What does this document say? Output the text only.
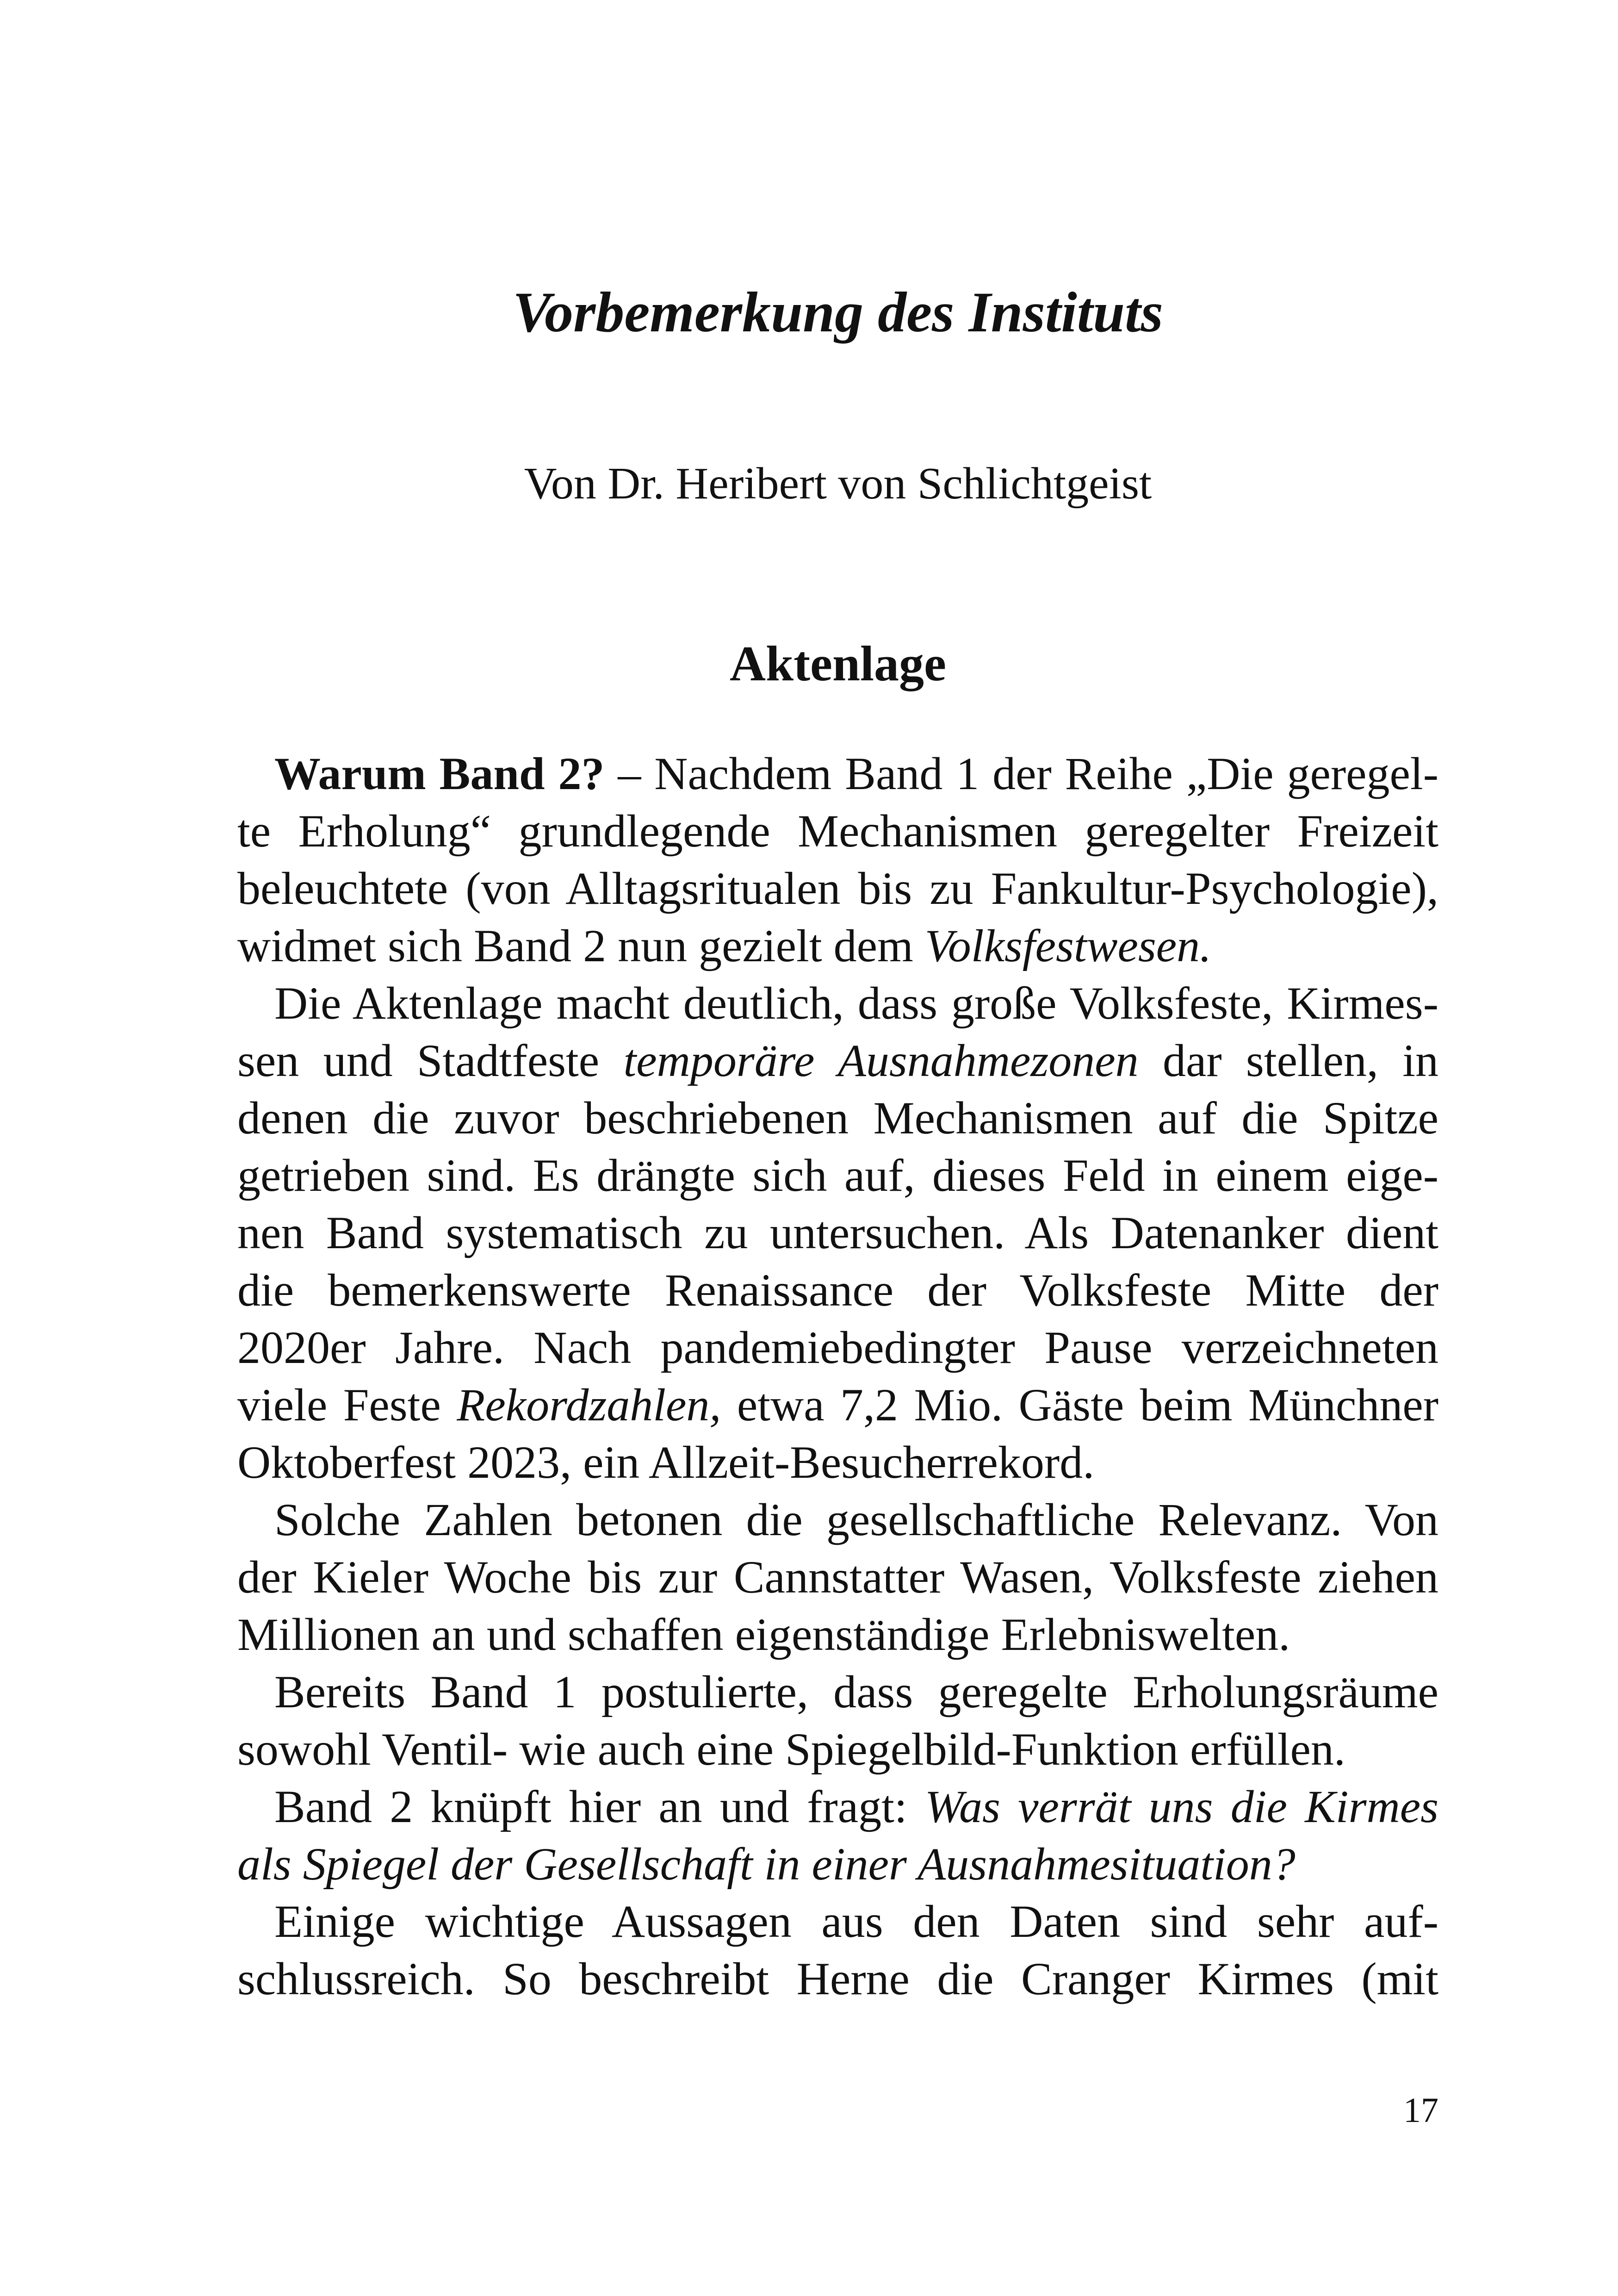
Vorbemerkung des Instituts
Von Dr. Heribert von Schlichtgeist
Aktenlage
Warum Band 2? – Nachdem Band 1 der Reihe „Die geregel-
te Erholung“ grundlegende Mechanismen geregelter Freizeit
beleuchtete (von Alltagsritualen bis zu Fankultur-Psychologie),
widmet sich Band 2 nun gezielt dem Volksfestwesen.
Die Aktenlage macht deutlich, dass große Volksfeste, Kirmes-
sen und Stadtfeste temporäre Ausnahmezonen dar stellen, in
denen die zuvor beschriebenen Mechanismen auf die Spitze
getrieben sind. Es drängte sich auf, dieses Feld in einem eige-
nen Band systematisch zu untersuchen. Als Datenanker dient
die bemerkenswerte Renaissance der Volksfeste Mitte der
2020er Jahre. Nach pandemiebedingter Pause verzeichneten
viele Feste Rekordzahlen, etwa 7,2 Mio. Gäste beim Münchner
Oktoberfest 2023, ein Allzeit-Besucherrekord.
Solche Zahlen betonen die gesellschaftliche Relevanz. Von
der Kieler Woche bis zur Cannstatter Wasen, Volksfeste ziehen
Millionen an und schaffen eigenständige Erlebniswelten.
Bereits Band 1 postulierte, dass geregelte Erholungsräume
sowohl Ventil- wie auch eine Spiegelbild-Funktion erfüllen.
Band 2 knüpft hier an und fragt: Was verrät uns die Kirmes
als Spiegel der Gesellschaft in einer Ausnahmesituation?
Einige wichtige Aussagen aus den Daten sind sehr auf-
schlussreich. So beschreibt Herne die Cranger Kirmes (mit
17
